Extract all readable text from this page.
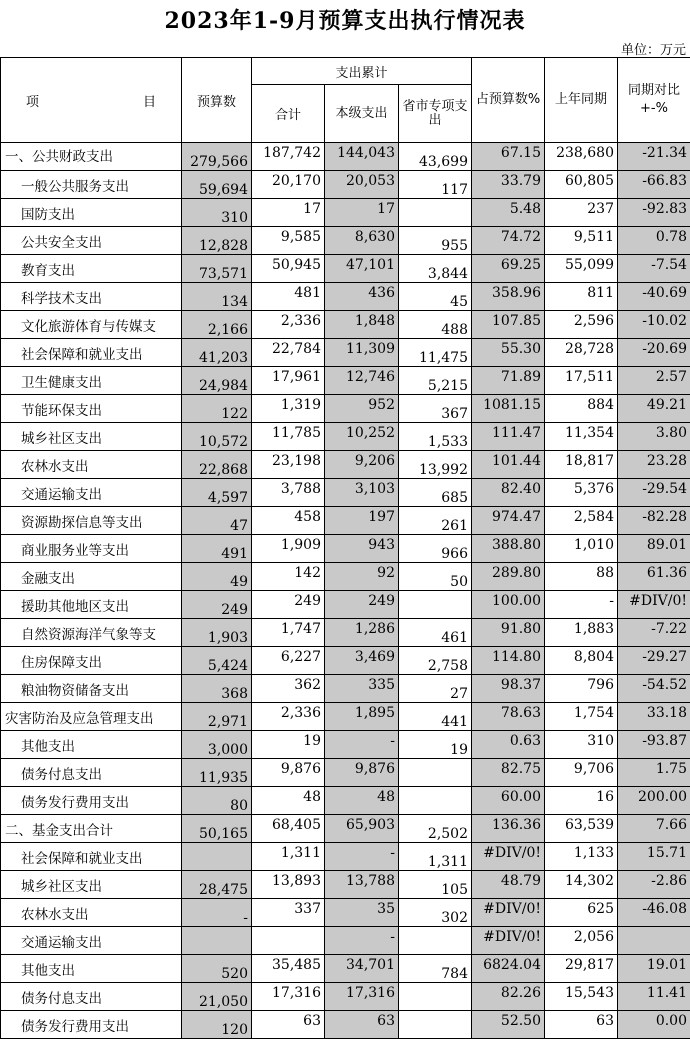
2023年1-9月预算支出执行情况表
单位：万元
项 目	预算数	支出累计			占预算数%	上年同期	同期对比+-%
		合计	本级支出	省市专项支出			
一、公共财政支出	279,566	187,742	144,043	43,699	67.15	238,680	-21.34
一般公共服务支出	59,694	20,170	20,053	117	33.79	60,805	-66.83
国防支出	310	17	17		5.48	237	-92.83
公共安全支出	12,828	9,585	8,630	955	74.72	9,511	0.78
教育支出	73,571	50,945	47,101	3,844	69.25	55,099	-7.54
科学技术支出	134	481	436	45	358.96	811	-40.69
文化旅游体育与传媒支	2,166	2,336	1,848	488	107.85	2,596	-10.02
社会保障和就业支出	41,203	22,784	11,309	11,475	55.30	28,728	-20.69
卫生健康支出	24,984	17,961	12,746	5,215	71.89	17,511	2.57
节能环保支出	122	1,319	952	367	1081.15	884	49.21
城乡社区支出	10,572	11,785	10,252	1,533	111.47	11,354	3.80
农林水支出	22,868	23,198	9,206	13,992	101.44	18,817	23.28
交通运输支出	4,597	3,788	3,103	685	82.40	5,376	-29.54
资源勘探信息等支出	47	458	197	261	974.47	2,584	-82.28
商业服务业等支出	491	1,909	943	966	388.80	1,010	89.01
金融支出	49	142	92	50	289.80	88	61.36
援助其他地区支出	249	249	249		100.00	-	#DIV/0!
自然资源海洋气象等支	1,903	1,747	1,286	461	91.80	1,883	-7.22
住房保障支出	5,424	6,227	3,469	2,758	114.80	8,804	-29.27
粮油物资储备支出	368	362	335	27	98.37	796	-54.52
灾害防治及应急管理支出	2,971	2,336	1,895	441	78.63	1,754	33.18
其他支出	3,000	19	-	19	0.63	310	-93.87
债务付息支出	11,935	9,876	9,876		82.75	9,706	1.75
债务发行费用支出	80	48	48		60.00	16	200.00
二、基金支出合计	50,165	68,405	65,903	2,502	136.36	63,539	7.66
社会保障和就业支出		1,311	-	1,311	#DIV/0!	1,133	15.71
城乡社区支出	28,475	13,893	13,788	105	48.79	14,302	-2.86
农林水支出	-	337	35	302	#DIV/0!	625	-46.08
交通运输支出			-		#DIV/0!	2,056	
其他支出	520	35,485	34,701	784	6824.04	29,817	19.01
债务付息支出	21,050	17,316	17,316		82.26	15,543	11.41
债务发行费用支出	120	63	63		52.50	63	0.00
